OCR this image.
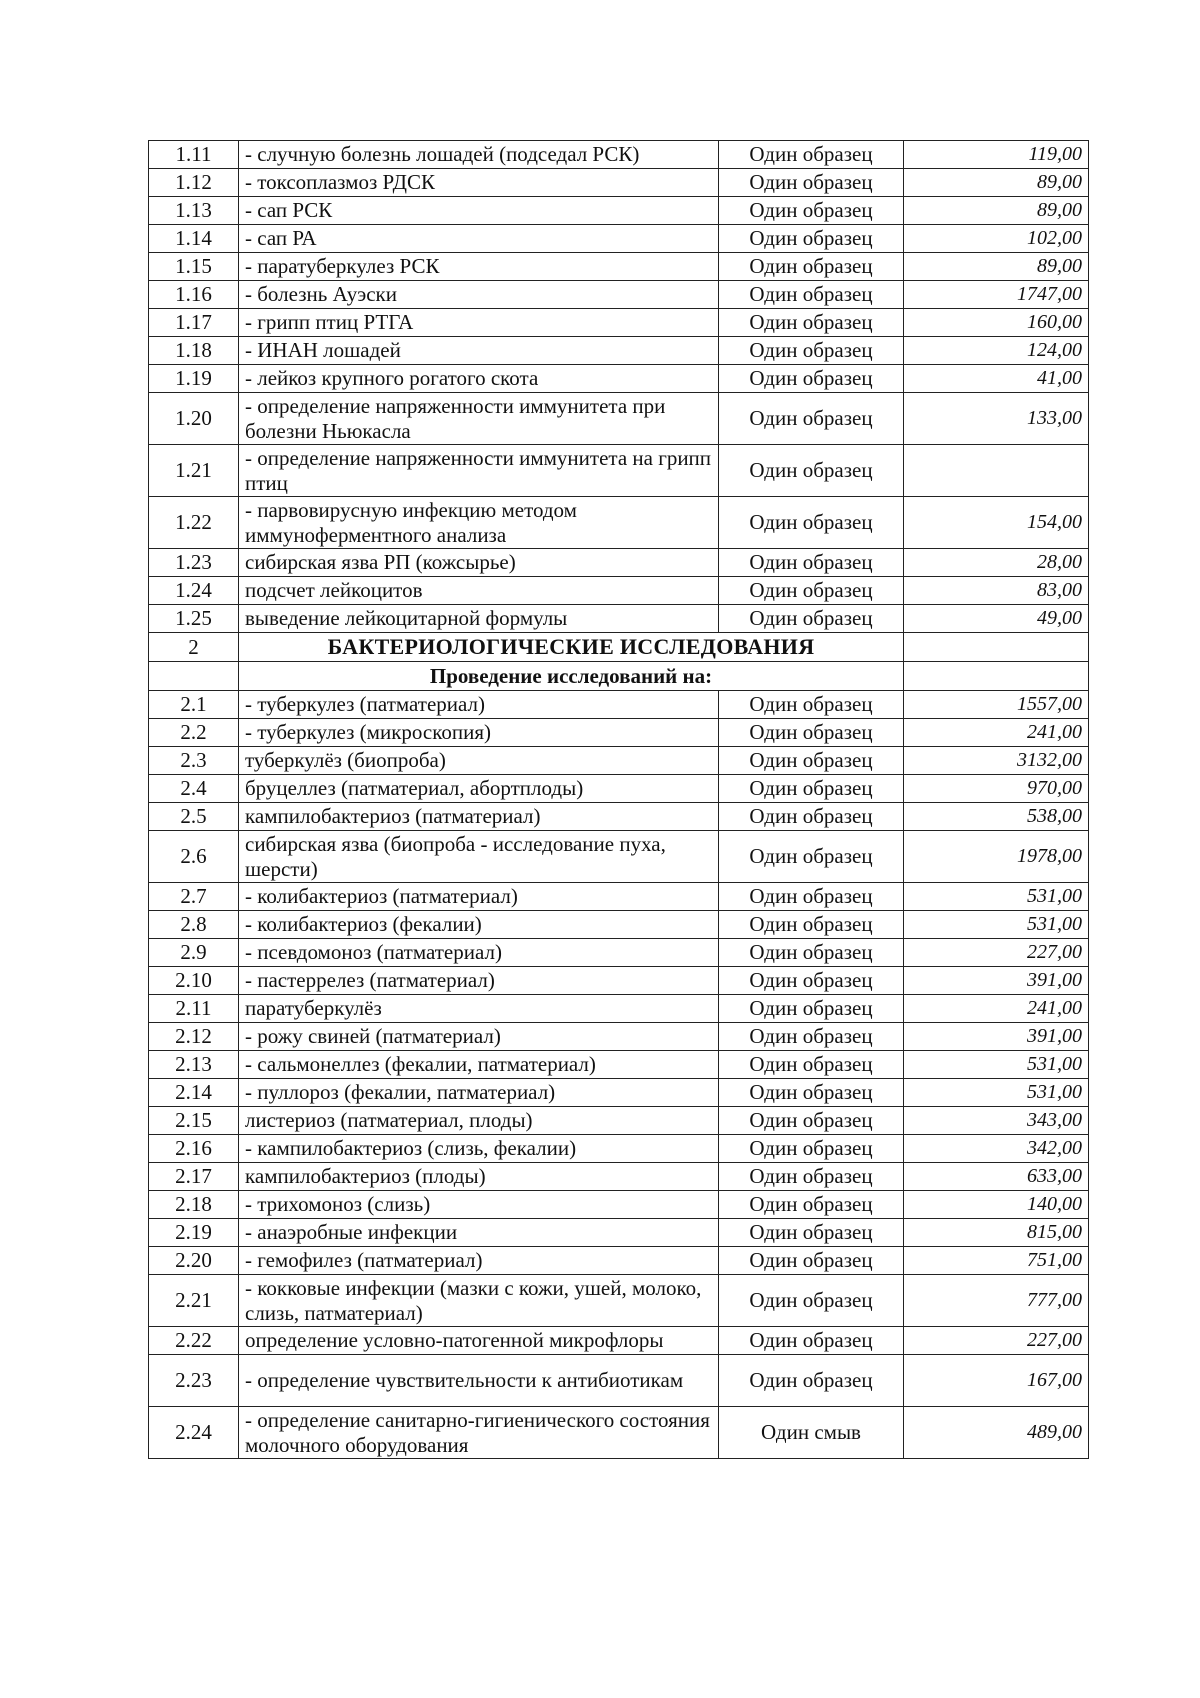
1.11	- случную болезнь лошадей (подседал РСК)	Один образец	119,00
1.12	- токсоплазмоз РДСК	Один образец	89,00
1.13	- сап РСК	Один образец	89,00
1.14	- сап РА	Один образец	102,00
1.15	- паратуберкулез РСК	Один образец	89,00
1.16	- болезнь Ауэски	Один образец	1747,00
1.17	- грипп птиц РТГА	Один образец	160,00
1.18	- ИНАН лошадей	Один образец	124,00
1.19	- лейкоз крупного рогатого скота	Один образец	41,00
1.20	- определение напряженности иммунитета при болезни Ньюкасла	Один образец	133,00
1.21	- определение напряженности иммунитета на грипп птиц	Один образец	
1.22	- парвовирусную инфекцию методом иммуноферментного анализа	Один образец	154,00
1.23	сибирская язва РП (кожсырье)	Один образец	28,00
1.24	подсчет лейкоцитов	Один образец	83,00
1.25	выведение лейкоцитарной формулы	Один образец	49,00
2	БАКТЕРИОЛОГИЧЕСКИЕ ИССЛЕДОВАНИЯ		
	Проведение исследований на:		
2.1	- туберкулез (патматериал)	Один образец	1557,00
2.2	- туберкулез (микроскопия)	Один образец	241,00
2.3	туберкулёз (биопроба)	Один образец	3132,00
2.4	бруцеллез (патматериал, абортплоды)	Один образец	970,00
2.5	кампилобактериоз (патматериал)	Один образец	538,00
2.6	сибирская язва (биопроба - исследование пуха, шерсти)	Один образец	1978,00
2.7	- колибактериоз (патматериал)	Один образец	531,00
2.8	- колибактериоз (фекалии)	Один образец	531,00
2.9	- псевдомоноз (патматериал)	Один образец	227,00
2.10	- пастеррелез (патматериал)	Один образец	391,00
2.11	паратуберкулёз	Один образец	241,00
2.12	- рожу свиней (патматериал)	Один образец	391,00
2.13	- сальмонеллез (фекалии, патматериал)	Один образец	531,00
2.14	- пуллороз (фекалии, патматериал)	Один образец	531,00
2.15	листериоз (патматериал, плоды)	Один образец	343,00
2.16	- кампилобактериоз (слизь, фекалии)	Один образец	342,00
2.17	кампилобактериоз (плоды)	Один образец	633,00
2.18	- трихомоноз (слизь)	Один образец	140,00
2.19	- анаэробные инфекции	Один образец	815,00
2.20	- гемофилез (патматериал)	Один образец	751,00
2.21	- кокковые инфекции (мазки с кожи, ушей, молоко, слизь, патматериал)	Один образец	777,00
2.22	определение условно-патогенной микрофлоры	Один образец	227,00
2.23	- определение чувствительности к антибиотикам	Один образец	167,00
2.24	- определение санитарно-гигиенического состояния молочного оборудования	Один смыв	489,00
